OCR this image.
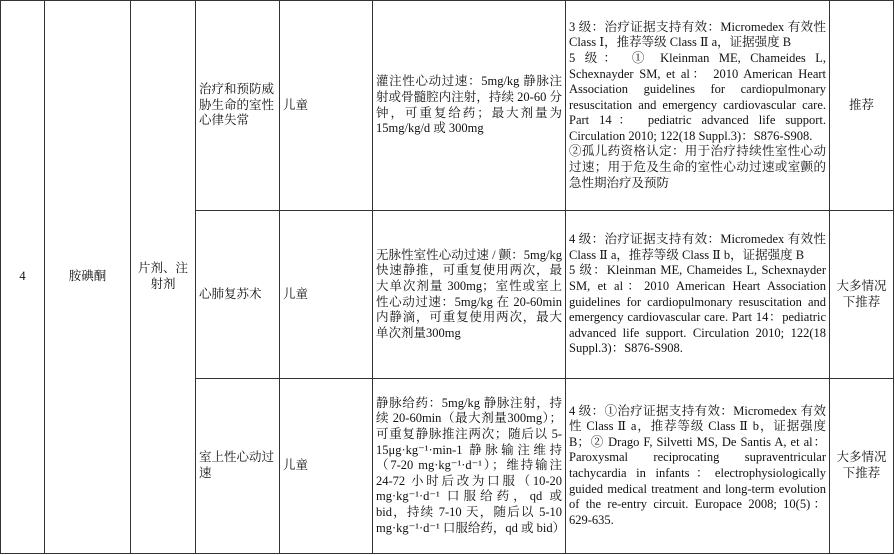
4	胺碘酮	片剂、注射剂	治疗和预防威胁生命的室性心律失常	儿童	灌注性心动过速：5mg/kg 静脉注射或骨髓腔内注射，持续 20-60 分钟，可重复给药；最大剂量为 15mg/kg/d 或 300mg	3 级：治疗证据支持有效：Micromedex 有效性 Class Ⅰ，推荐等级 Class Ⅱ a，证据强度 B
5 级： ① Kleinman ME, Chameides L, Schexnayder SM, et al： 2010 American Heart Association guidelines for cardiopulmonary resuscitation and emergency cardiovascular care. Part 14： pediatric advanced life support. Circulation 2010; 122(18 Suppl.3)：S876-S908.
②孤儿药资格认定：用于治疗持续性室性心动过速；用于危及生命的室性心动过速或室颤的急性期治疗及预防	推荐
			心肺复苏术	儿童	无脉性室性心动过速 / 颤：5mg/kg 快速静推，可重复使用两次，最大单次剂量 300mg；室性或室上性心动过速：5mg/kg 在 20-60min 内静滴，可重复使用两次，最大单次剂量300mg	4 级：治疗证据支持有效：Micromedex 有效性 Class Ⅱ a，推荐等级 Class Ⅱ b，证据强度 B
5 级：Kleinman ME, Chameides L, Schexnayder SM, et al：2010 American Heart Association guidelines for cardiopulmonary resuscitation and emergency cardiovascular care. Part 14：pediatric advanced life support. Circulation 2010; 122(18 Suppl.3)：S876-S908.	大多情况下推荐
			室上性心动过速	儿童	静脉给药：5mg/kg 静脉注射，持续 20-60min（最大剂量300mg）；可重复静脉推注两次；随后以 5-15μg·kg⁻¹·min-1 静脉输注维持（7-20 mg·kg⁻¹·d⁻¹）；维持输注 24-72 小时后改为口服（10-20 mg·kg⁻¹·d⁻¹ 口服给药，qd 或 bid，持续 7-10 天，随后以 5-10 mg·kg⁻¹·d⁻¹ 口服给药，qd 或 bid）	4 级：①治疗证据支持有效：Micromedex 有效性 Class Ⅱ a，推荐等级 Class Ⅱ b，证据强度 B；② Drago F, Silvetti MS, De Santis A, et al：Paroxysmal reciprocating supraventricular tachycardia in infants：electrophysiologically guided medical treatment and long-term evolution of the re-entry circuit. Europace 2008; 10(5)：629-635.	大多情况下推荐
